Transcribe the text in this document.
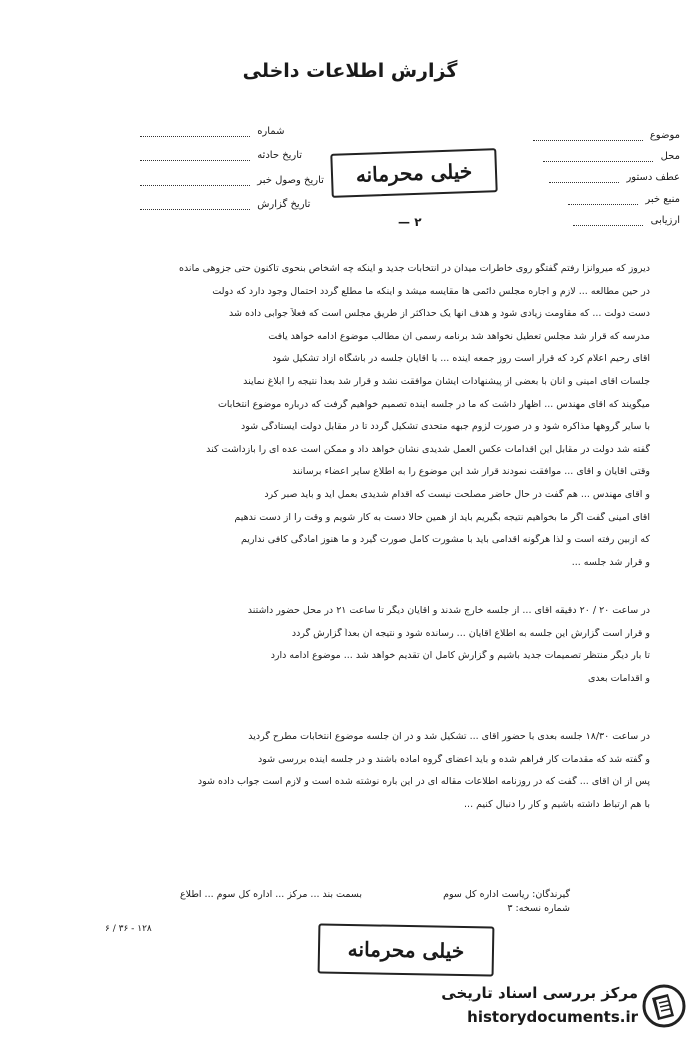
گزارش اطلاعات داخلی
موضوع
محل
عطف دستور
منبع خبر
ارزیابی
شماره
تاریخ حادثه
تاریخ وصول خبر
تاریخ گزارش
خیلی محرمانه
۲ —
دیروز که میروانزا رفتم گفتگو روی خاطرات میدان در انتخابات جدید و اینکه چه اشخاص بنحوی تاکنون حتی جزوهی مانده
در حین مطالعه ... لازم و اجاره مجلس دائمی ها مقایسه میشد و اینکه ما مطلع گردد احتمال وجود دارد که دولت
دست دولت ... که مقاومت زیادی شود و هدف آنها یک حداکثر از طریق مجلس است که فعلاً جوابی داده شد
مدرسه که قرار شد مجلس تعطیل نخواهد شد برنامه رسمی آن مطالب موضوع ادامه خواهد یافت
آقای رحیم اعلام کرد که قرار است روز جمعه آینده ... با آقایان جلسه در باشگاه آزاد تشکیل شود
جلسات آقای امینی و آنان با بعضی از پیشنهادات ایشان موافقت نشد و قرار شد بعداً نتیجه را ابلاغ نمایند
میگویند که آقای مهندس ... اظهار داشت که ما در جلسه آینده تصمیم خواهیم گرفت که درباره موضوع انتخابات
با سایر گروهها مذاکره شود و در صورت لزوم جبهه متحدی تشکیل گردد تا در مقابل دولت ایستادگی شود
گفته شد دولت در مقابل این اقدامات عکس العمل شدیدی نشان خواهد داد و ممکن است عده ای را بازداشت کند
وقتی آقایان و آقای ... موافقت نمودند قرار شد این موضوع را به اطلاع سایر اعضاء برسانند
و آقای مهندس ... هم گفت در حال حاضر مصلحت نیست که اقدام شدیدی بعمل آید و باید صبر کرد
آقای امینی گفت اگر ما بخواهیم نتیجه بگیریم باید از همین حالا دست به کار شویم و وقت را از دست ندهیم
که ازبین رفته است و لذا هرگونه اقدامی باید با مشورت کامل صورت گیرد و ما هنوز آمادگی کافی نداریم
و قرار شد جلسه ...
در ساعت ۲۰ / ۲۰ دقیقه آقای ... از جلسه خارج شدند و آقایان دیگر تا ساعت ۲۱ در محل حضور داشتند
و قرار است گزارش این جلسه به اطلاع آقایان ... رسانده شود و نتیجه آن بعداً گزارش گردد
تا بار دیگر منتظر تصمیمات جدید باشیم و گزارش کامل آن تقدیم خواهد شد ... موضوع ادامه دارد
و اقدامات بعدی
در ساعت ۱۸/۳۰ جلسه بعدی با حضور آقای ... تشکیل شد و در آن جلسه موضوع انتخابات مطرح گردید
و گفته شد که مقدمات کار فراهم شده و باید اعضای گروه آماده باشند و در جلسه آینده بررسی شود
پس از آن آقای ... گفت که در روزنامه اطلاعات مقاله ای در این باره نوشته شده است و لازم است جواب داده شود
با هم ارتباط داشته باشیم و کار را دنبال کنیم ...
گیرندگان: ریاست اداره کل سوم
شماره نسخه: ۳
بسمت بند ... مرکز ... اداره کل سوم ... اطلاع
۱۲۸ - ۳۶ / ۶
خیلی محرمانه
مرکز بررسی اسناد تاریخی
historydocuments.ir
